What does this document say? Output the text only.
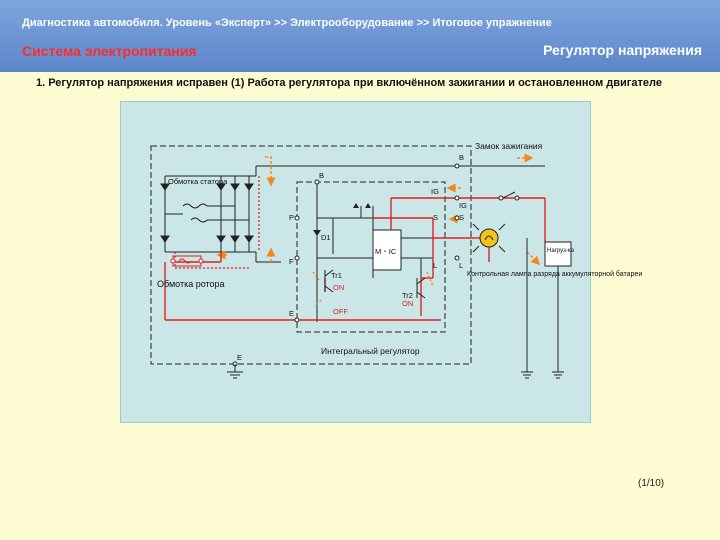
Диагностика автомобиля. Уровень «Эксперт» >> Электрооборудование >> Итоговое упражнение
Система электропитания	Регулятор напряжения
1. Регулятор напряжения исправен (1) Работа регулятора при включённом зажигании и остановленном двигателе
Обмотка статора
Обмотка ротора
Замок зажигания
Контрольная лампа разряда аккумуляторной батареи
Нагруз-ка
Интегральный регулятор
M・IC
Tr1
Tr2
ON
OFF
ON
D1
B
B
IG
IG
S	S
P
F	L	L
E
E
(1/10)
